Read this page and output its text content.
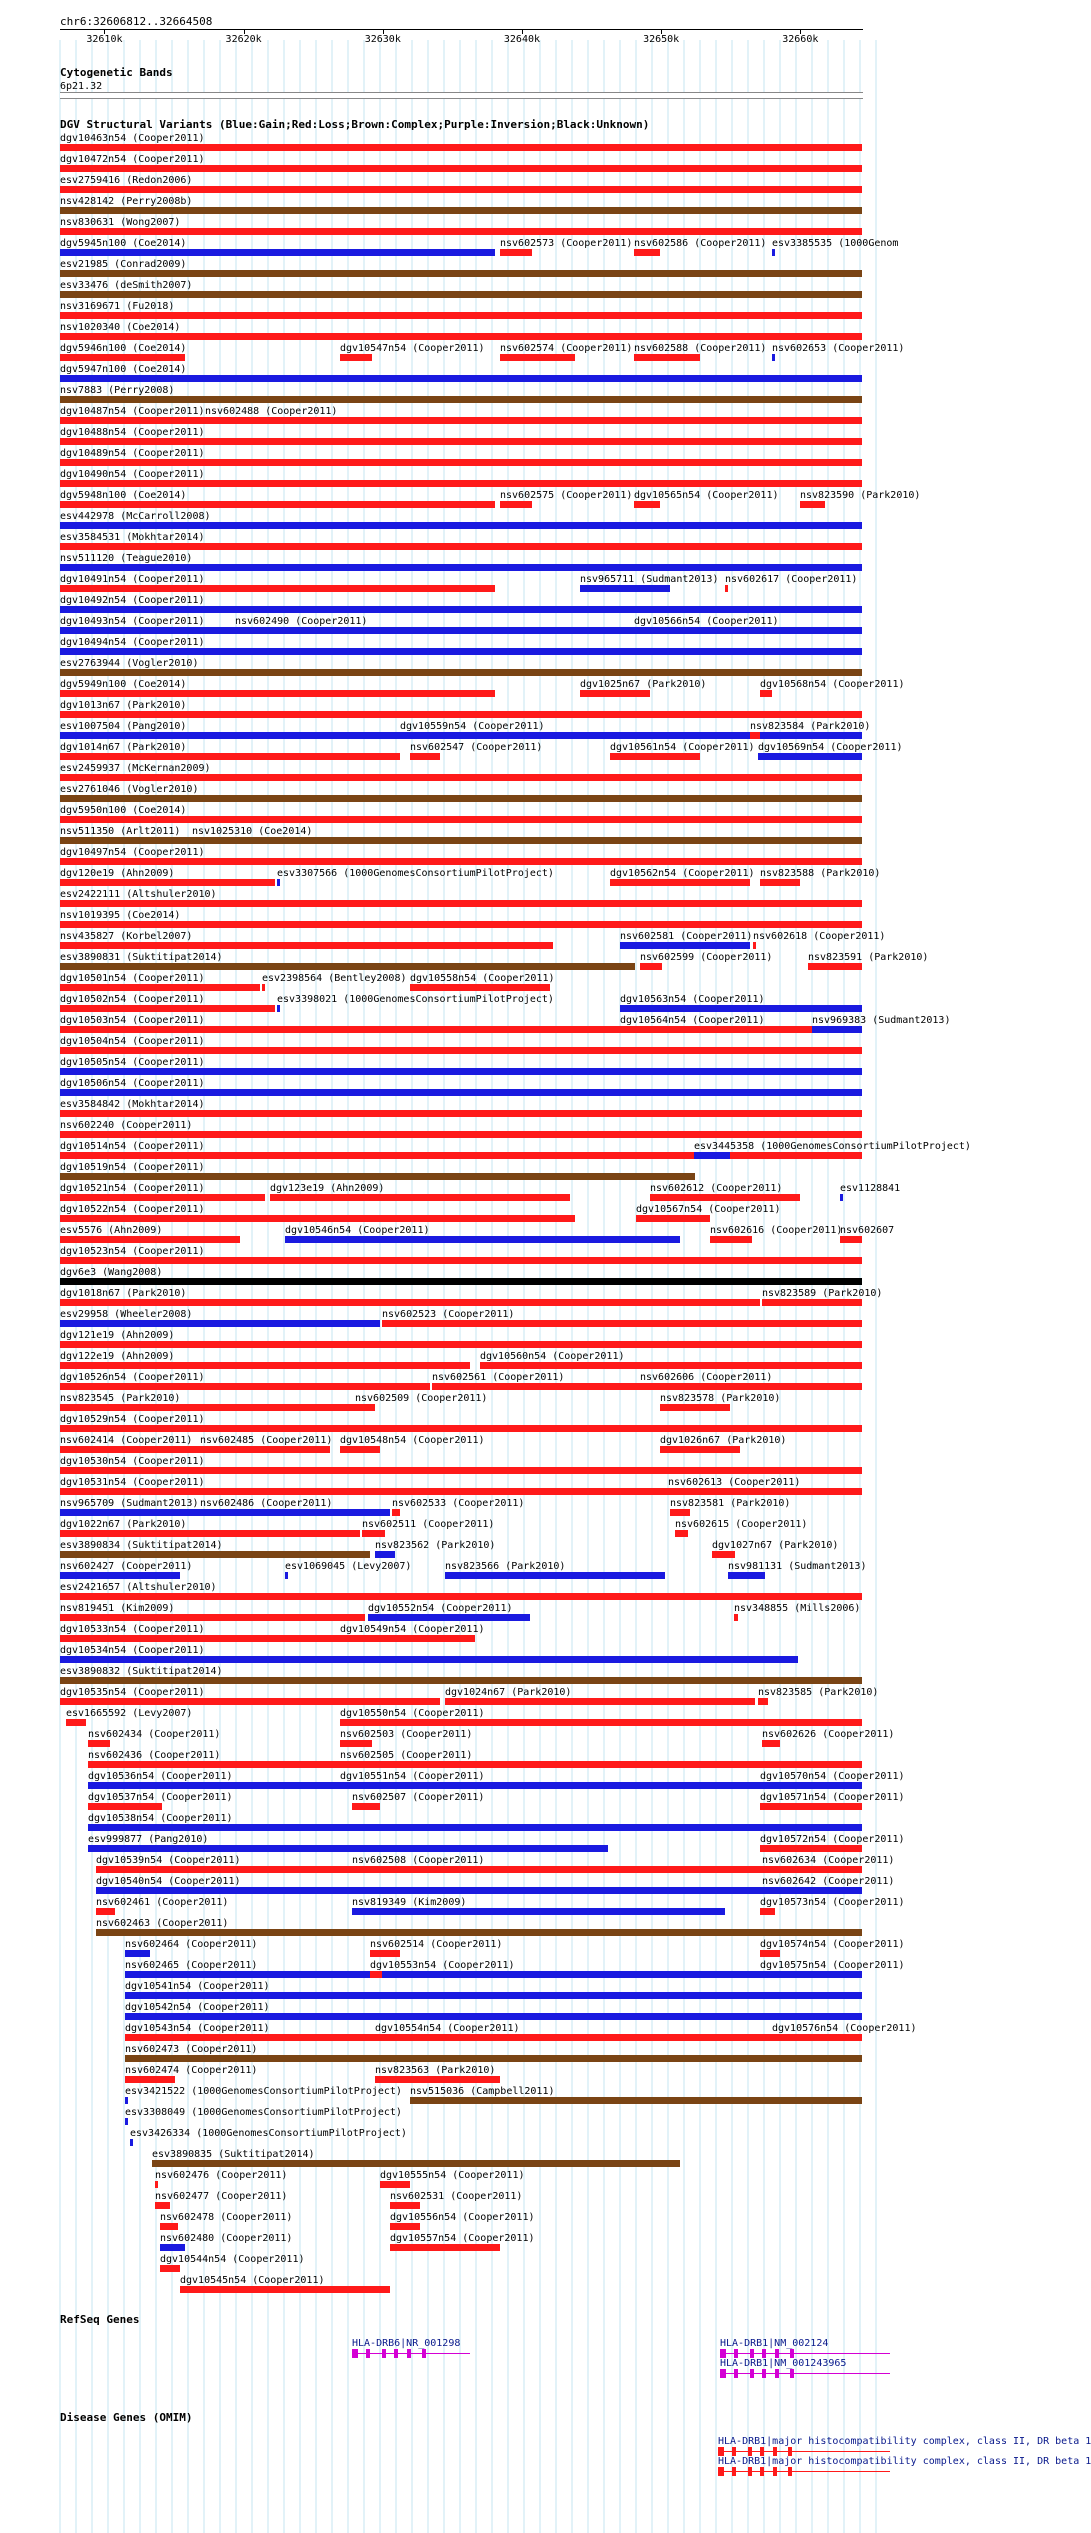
chr6:32606812..32664508
32610k	32620k	32630k	32640k	32650k	32660k
Cytogenetic Bands
6p21.32
DGV Structural Variants (Blue:Gain;Red:Loss;Brown:Complex;Purple:Inversion;Black:Unknown)
dgv10463n54 (Cooper2011)
dgv10472n54 (Cooper2011)
esv2759416 (Redon2006)
nsv428142 (Perry2008b)
nsv830631 (Wong2007)
dgv5945n100 (Coe2014)	nsv602573 (Cooper2011) nsv602586 (Cooper2011) esv3385535 (1000Genom
esv21985 (Conrad2009)
esv33476 (deSmith2007)
nsv3169671 (Fu2018)
nsv1020340 (Coe2014)
dgv5946n100 (Coe2014)	dgv10547n54 (Cooper2011) nsv602574 (Cooper2011) nsv602588 (Cooper2011) nsv602653 (Cooper2011)
dgv5947n100 (Coe2014)
nsv7883 (Perry2008)
dgv10487n54 (Cooper2011) nsv602488 (Cooper2011)
dgv10488n54 (Cooper2011)
dgv10489n54 (Cooper2011)
dgv10490n54 (Cooper2011)
dgv5948n100 (Coe2014)	nsv602575 (Cooper2011) dgv10565n54 (Cooper2011) nsv823590 (Park2010)
esv442978 (McCarroll2008)
esv3584531 (Mokhtar2014)
nsv511120 (Teague2010)
dgv10491n54 (Cooper2011)	nsv965711 (Sudmant2013) nsv602617 (Cooper2011)
dgv10492n54 (Cooper2011)
dgv10493n54 (Cooper2011)	nsv602490 (Cooper2011)	dgv10566n54 (Cooper2011)
dgv10494n54 (Cooper2011)
esv2763944 (Vogler2010)
dgv5949n100 (Coe2014)	dgv1025n67 (Park2010)	dgv10568n54 (Cooper2011)
dgv1013n67 (Park2010)
esv1007504 (Pang2010)	dgv10559n54 (Cooper2011)	nsv823584 (Park2010)
dgv1014n67 (Park2010)	nsv602547 (Cooper2011)	dgv10561n54 (Cooper2011) dgv10569n54 (Cooper2011)
esv2459937 (McKernan2009)
esv2761046 (Vogler2010)
dgv5950n100 (Coe2014)
nsv511350 (Arlt2011) nsv1025310 (Coe2014)
dgv10497n54 (Cooper2011)
dgv120e19 (Ahn2009)	esv3307566 (1000GenomesConsortiumPilotProject)	dgv10562n54 (Cooper2011) nsv823588 (Park2010)
esv2422111 (Altshuler2010)
nsv1019395 (Coe2014)
nsv435827 (Korbel2007)	nsv602581 (Cooper2011) nsv602618 (Cooper2011)
esv3890831 (Suktitipat2014)	nsv602599 (Cooper2011)	nsv823591 (Park2010)
dgv10501n54 (Cooper2011)	esv2398564 (Bentley2008) dgv10558n54 (Cooper2011)
dgv10502n54 (Cooper2011)	esv3398021 (1000GenomesConsortiumPilotProject)	dgv10563n54 (Cooper2011)
dgv10503n54 (Cooper2011)	dgv10564n54 (Cooper2011)	nsv969383 (Sudmant2013)
dgv10504n54 (Cooper2011)
dgv10505n54 (Cooper2011)
dgv10506n54 (Cooper2011)
esv3584842 (Mokhtar2014)
nsv602240 (Cooper2011)
dgv10514n54 (Cooper2011)	esv3445358 (1000GenomesConsortiumPilotProject)
dgv10519n54 (Cooper2011)
dgv10521n54 (Cooper2011)	dgv123e19 (Ahn2009)	nsv602612 (Cooper2011)	esv1128841
dgv10522n54 (Cooper2011)	dgv10567n54 (Cooper2011)
esv5576 (Ahn2009)	dgv10546n54 (Cooper2011)	nsv602616 (Cooper2011)
nsv602607
dgv10523n54 (Cooper2011)
dgv6e3 (Wang2008)
dgv1018n67 (Park2010)	nsv823589 (Park2010)
esv29958 (Wheeler2008)	nsv602523 (Cooper2011)
dgv121e19 (Ahn2009)
dgv122e19 (Ahn2009)	dgv10560n54 (Cooper2011)
dgv10526n54 (Cooper2011)	nsv602561 (Cooper2011)	nsv602606 (Cooper2011)
nsv823545 (Park2010)	nsv602509 (Cooper2011)	nsv823578 (Park2010)
dgv10529n54 (Cooper2011)
nsv602414 (Cooper2011) nsv602485 (Cooper2011) dgv10548n54 (Cooper2011)	dgv1026n67 (Park2010)
dgv10530n54 (Cooper2011)
dgv10531n54 (Cooper2011)	nsv602613 (Cooper2011)
nsv965709 (Sudmant2013) nsv602486 (Cooper2011)	nsv602533 (Cooper2011)	nsv823581 (Park2010)
dgv1022n67 (Park2010)	nsv602511 (Cooper2011)	nsv602615 (Cooper2011)
esv3890834 (Suktitipat2014)	nsv823562 (Park2010)	dgv1027n67 (Park2010)
nsv602427 (Cooper2011)	esv1069045 (Levy2007)	nsv823566 (Park2010)	nsv981131 (Sudmant2013)
esv2421657 (Altshuler2010)
nsv819451 (Kim2009)	dgv10552n54 (Cooper2011)	nsv348855 (Mills2006)
dgv10533n54 (Cooper2011)	dgv10549n54 (Cooper2011)
dgv10534n54 (Cooper2011)
esv3890832 (Suktitipat2014)
dgv10535n54 (Cooper2011)	dgv1024n67 (Park2010)	nsv823585 (Park2010)
esv1665592 (Levy2007)	dgv10550n54 (Cooper2011)
nsv602434 (Cooper2011)	nsv602503 (Cooper2011)	nsv602626 (Cooper2011)
nsv602436 (Cooper2011)	nsv602505 (Cooper2011)
dgv10536n54 (Cooper2011)	dgv10551n54 (Cooper2011)	dgv10570n54 (Cooper2011)
dgv10537n54 (Cooper2011)	nsv602507 (Cooper2011)	dgv10571n54 (Cooper2011)
dgv10538n54 (Cooper2011)
esv999877 (Pang2010)	dgv10572n54 (Cooper2011)
dgv10539n54 (Cooper2011)	nsv602508 (Cooper2011)	nsv602634 (Cooper2011)
dgv10540n54 (Cooper2011)	nsv602642 (Cooper2011)
nsv602461 (Cooper2011)	nsv819349 (Kim2009)	dgv10573n54 (Cooper2011)
nsv602463 (Cooper2011)
nsv602464 (Cooper2011)	nsv602514 (Cooper2011)	dgv10574n54 (Cooper2011)
nsv602465 (Cooper2011)	dgv10553n54 (Cooper2011)	dgv10575n54 (Cooper2011)
dgv10541n54 (Cooper2011)
dgv10542n54 (Cooper2011)
dgv10543n54 (Cooper2011)	dgv10554n54 (Cooper2011)	dgv10576n54 (Cooper2011)
nsv602473 (Cooper2011)
nsv602474 (Cooper2011)	nsv823563 (Park2010)
esv3421522 (1000GenomesConsortiumPilotProject) nsv515036 (Campbell2011)
esv3308049 (1000GenomesConsortiumPilotProject)
esv3426334 (1000GenomesConsortiumPilotProject)
esv3890835 (Suktitipat2014)
nsv602476 (Cooper2011)	dgv10555n54 (Cooper2011)
nsv602477 (Cooper2011)	nsv602531 (Cooper2011)
nsv602478 (Cooper2011)	dgv10556n54 (Cooper2011)
nsv602480 (Cooper2011)	dgv10557n54 (Cooper2011)
dgv10544n54 (Cooper2011)
dgv10545n54 (Cooper2011)
RefSeq Genes
HLA-DRB6|NR_001298	HLA-DRB1|NM_002124
HLA-DRB1|NM_001243965
Disease Genes (OMIM)
HLA-DRB1|major histocompatibility complex, class II, DR beta 1
HLA-DRB1|major histocompatibility complex, class II, DR beta 1
